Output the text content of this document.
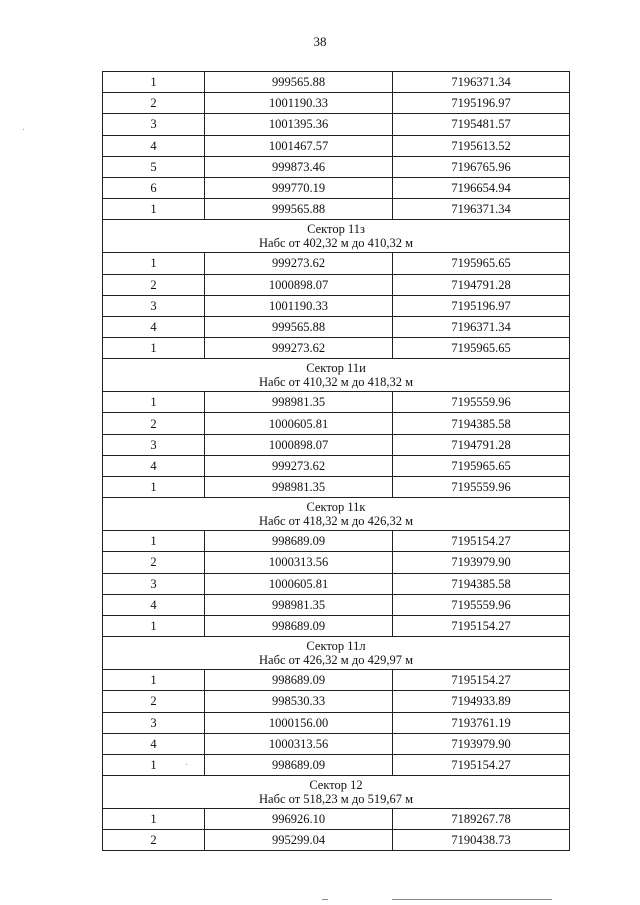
38
1	999565.88	7196371.34
2	1001190.33	7195196.97
3	1001395.36	7195481.57
4	1001467.57	7195613.52
5	999873.46	7196765.96
6	999770.19	7196654.94
1	999565.88	7196371.34

Сектор 11з
Набс от 402,32 м до 410,32 м		

1	999273.62	7195965.65
2	1000898.07	7194791.28
3	1001190.33	7195196.97
4	999565.88	7196371.34
1	999273.62	7195965.65

Сектор 11и
Набс от 410,32 м до 418,32 м		

1	998981.35	7195559.96
2	1000605.81	7194385.58
3	1000898.07	7194791.28
4	999273.62	7195965.65
1	998981.35	7195559.96

Сектор 11к
Набс от 418,32 м до 426,32 м		

1	998689.09	7195154.27
2	1000313.56	7193979.90
3	1000605.81	7194385.58
4	998981.35	7195559.96
1	998689.09	7195154.27

Сектор 11л
Набс от 426,32 м до 429,97 м		

1	998689.09	7195154.27
2	998530.33	7194933.89
3	1000156.00	7193761.19
4	1000313.56	7193979.90
1	998689.09	7195154.27

Сектор 12
Набс от 518,23 м до 519,67 м		

1	996926.10	7189267.78
2	995299.04	7190438.73
·
·
